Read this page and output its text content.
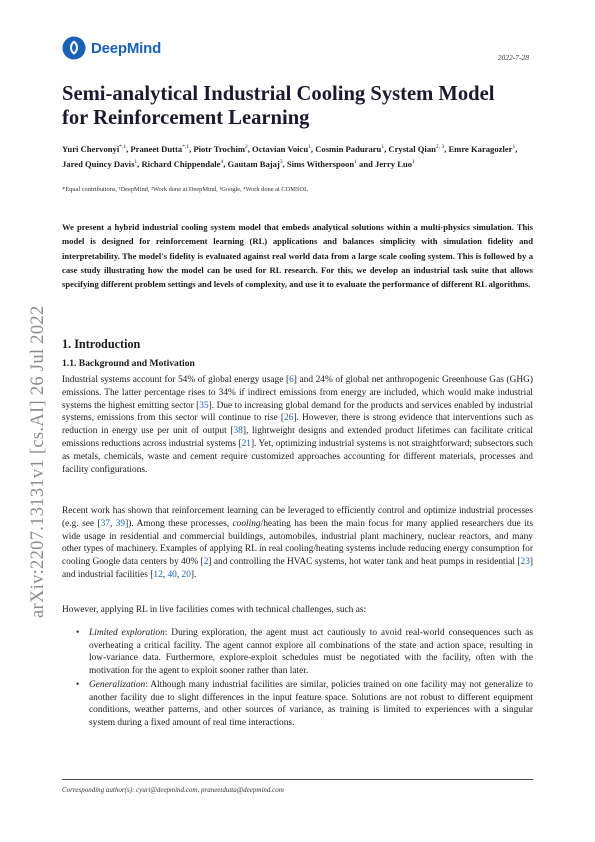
DeepMind
2022-7-28
arXiv:2207.13131v1 [cs.AI] 26 Jul 2022
Semi-analytical Industrial Cooling System Model for Reinforcement Learning
Yuri Chervonyi$^{*,1}$, Praneet Dutta$^{*,1}$, Piotr Trochim$^2$, Octavian Voicu$^1$, Cosmin Paduraru$^1$, Crystal Qian$^{2, 3}$, Emre Karagozler$^1$, Jared Quincy Davis$^1$, Richard Chippendale$^4$, Gautam Bajaj$^3$, Sims Witherspoon$^1$ and Jerry Luo$^1$
*Equal contributions, ¹DeepMind, ²Work done at DeepMind, ³Google, ⁴Work done at COMSOL
We present a hybrid industrial cooling system model that embeds analytical solutions within a multi-physics simulation. This model is designed for reinforcement learning (RL) applications and balances simplicity with simulation fidelity and interpretability. The model's fidelity is evaluated against real world data from a large scale cooling system. This is followed by a case study illustrating how the model can be used for RL research. For this, we develop an industrial task suite that allows specifying different problem settings and levels of complexity, and use it to evaluate the performance of different RL algorithms.
1. Introduction
1.1. Background and Motivation
Industrial systems account for 54% of global energy usage [6] and 24% of global net anthropogenic Greenhouse Gas (GHG) emissions. The latter percentage rises to 34% if indirect emissions from energy are included, which would make industrial systems the highest emitting sector [35]. Due to increasing global demand for the products and services enabled by industrial systems, emissions from this sector will continue to rise [26]. However, there is strong evidence that interventions such as reduction in energy use per unit of output [38], lightweight designs and extended product lifetimes can facilitate critical emissions reductions across industrial systems [21]. Yet, optimizing industrial systems is not straightforward; subsectors such as metals, chemicals, waste and cement require customized approaches accounting for different materials, processes and facility configurations.
Recent work has shown that reinforcement learning can be leveraged to efficiently control and optimize industrial processes (e.g. see [37, 39]). Among these processes, cooling/heating has been the main focus for many applied researchers due its wide usage in residential and commercial buildings, automobiles, industrial plant machinery, nuclear reactors, and many other types of machinery. Examples of applying RL in real cooling/heating systems include reducing energy consumption for cooling Google data centers by 40% [2] and controlling the HVAC systems, hot water tank and heat pumps in residential [23] and industrial facilities [12, 40, 20].
However, applying RL in live facilities comes with technical challenges, such as:
• Limited exploration: During exploration, the agent must act cautiously to avoid real-world consequences such as overheating a critical facility. The agent cannot explore all combinations of the state and action space, resulting in low-variance data. Furthermore, explore-exploit schedules must be negotiated with the facility, often with the motivation for the agent to exploit sooner rather than later.
• Generalization: Although many industrial facilities are similar, policies trained on one facility may not generalize to another facility due to slight differences in the input feature space. Solutions are not robust to different equipment conditions, weather patterns, and other sources of variance, as training is limited to experiences with a singular system during a fixed amount of real time interactions.
Corresponding author(s): cyuri@deepmind.com, praneetdutta@deepmind.com
